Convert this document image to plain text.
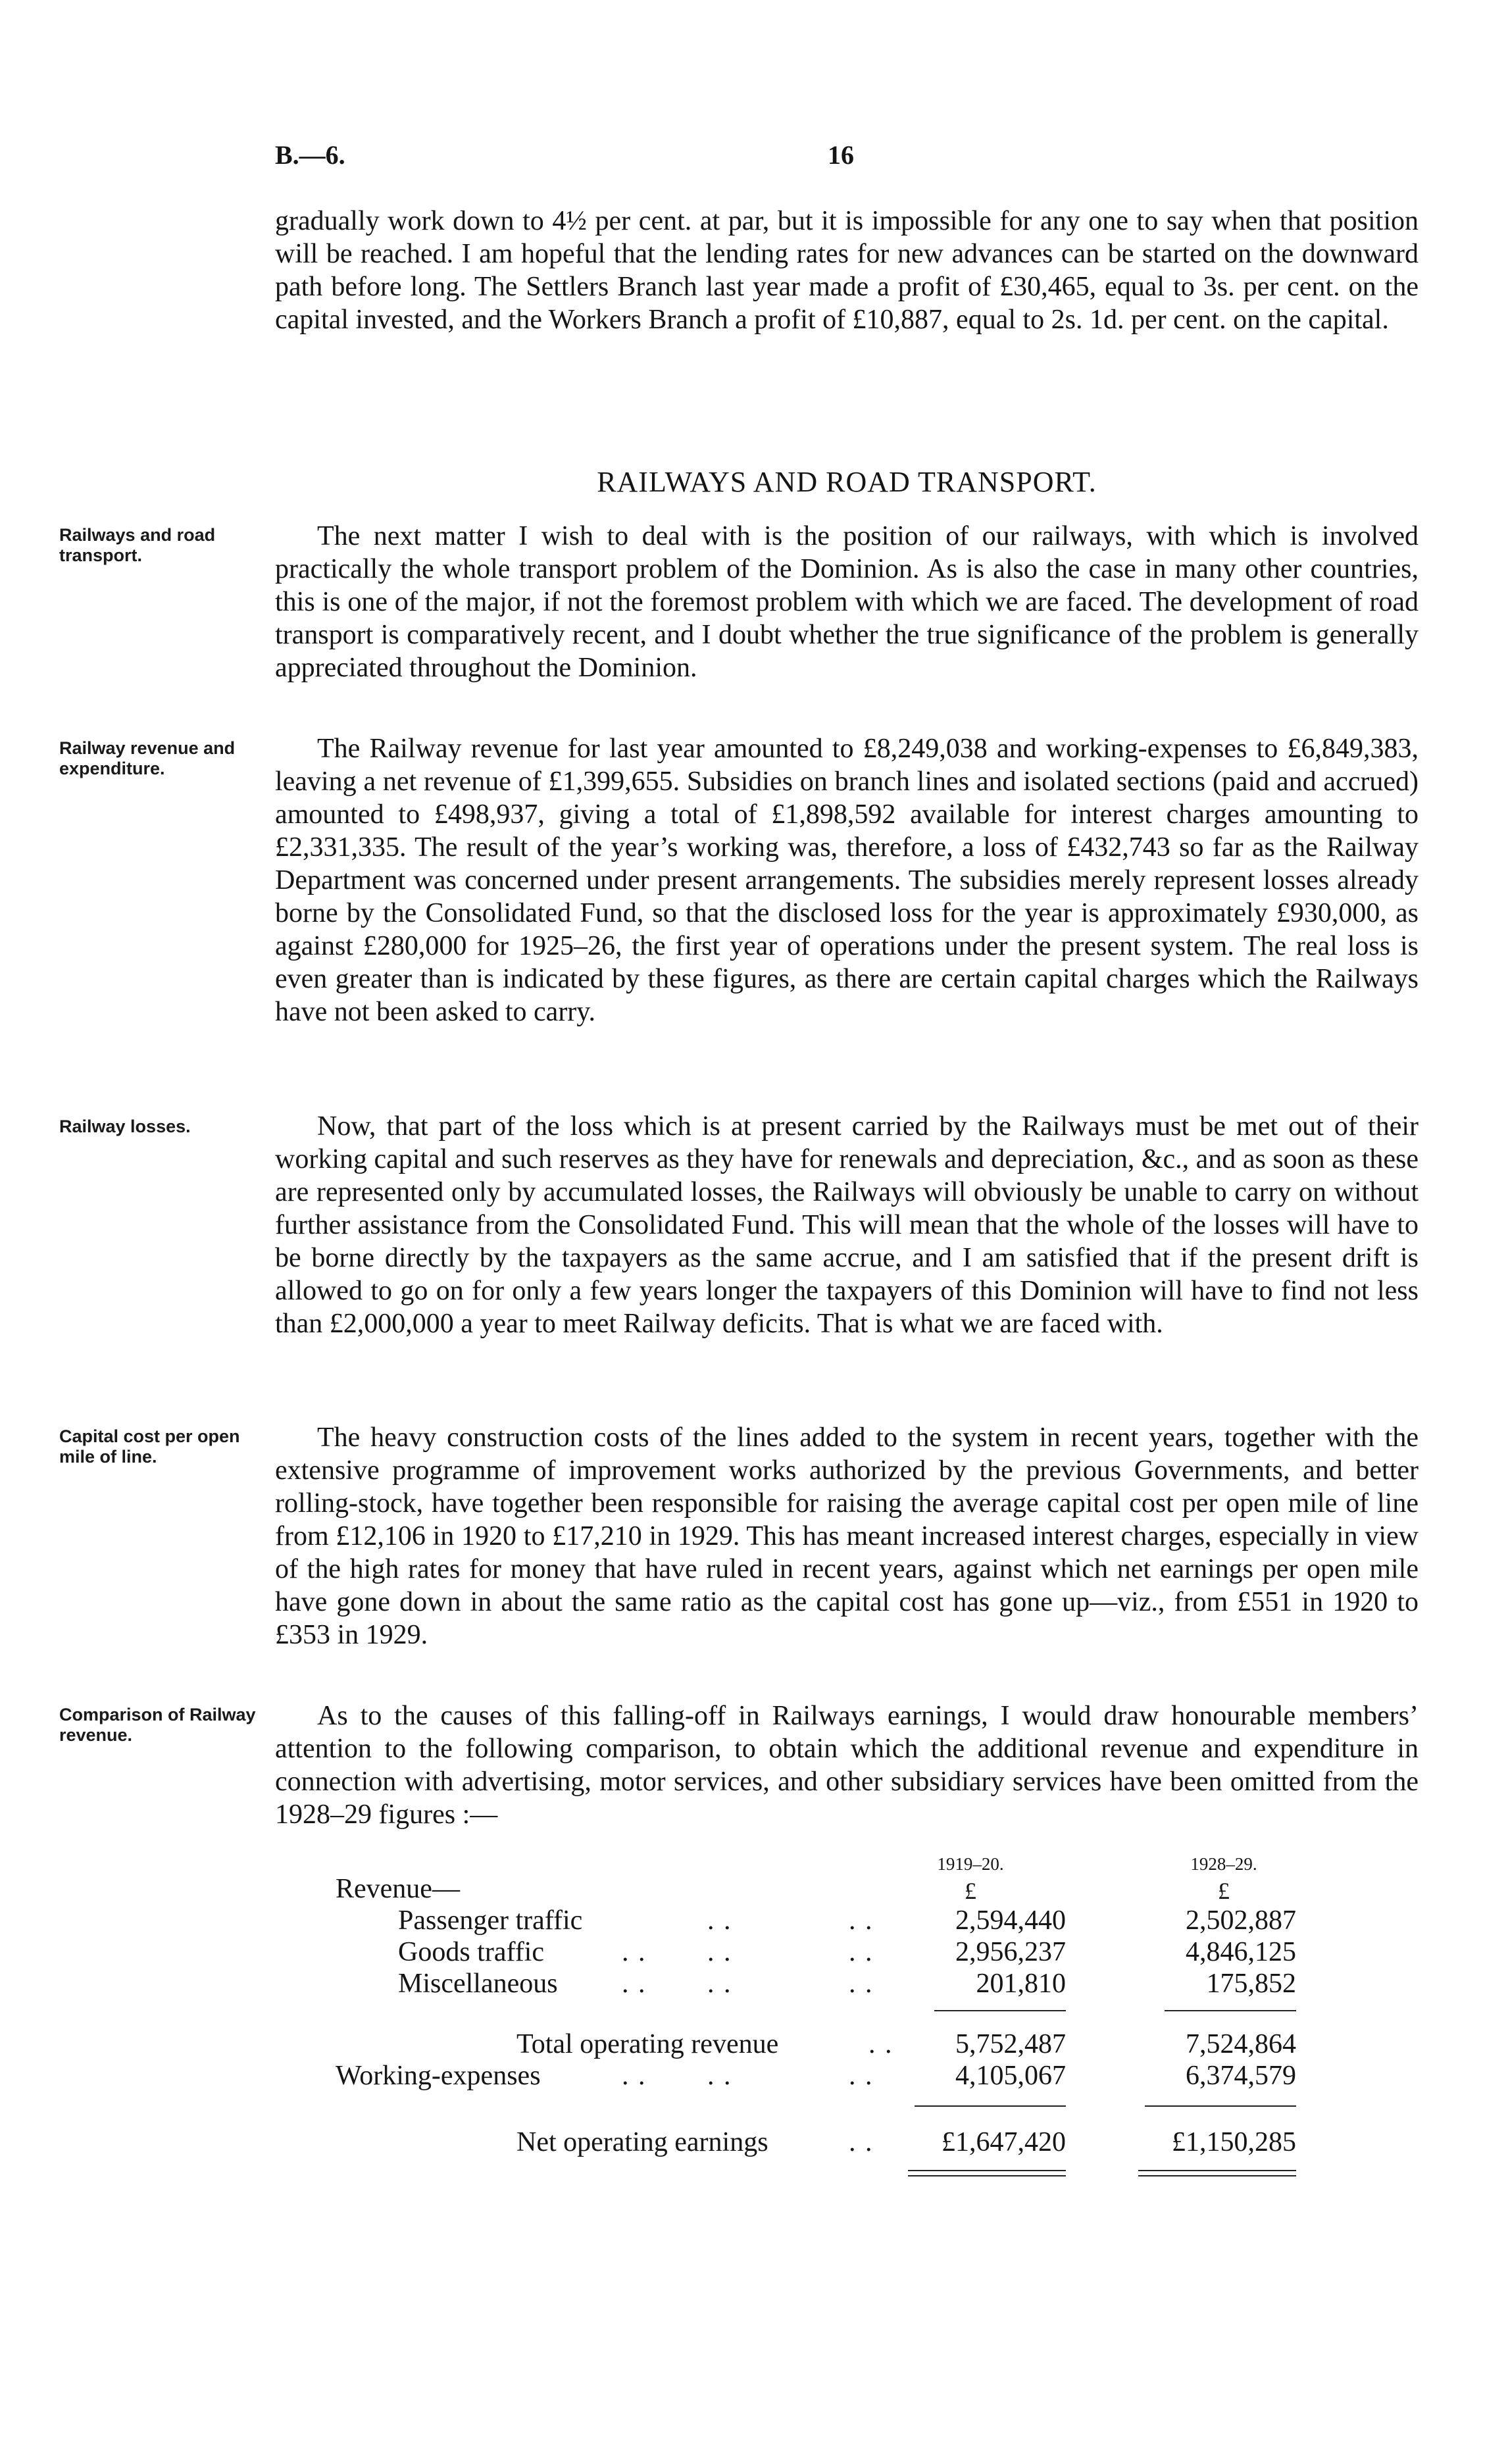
B.—6.	16

gradually work down to 4½ per cent. at par, but it is impossible for any one to say when that position will be reached. I am hopeful that the lending rates for new advances can be started on the downward path before long. The Settlers Branch last year made a profit of £30,465, equal to 3s. per cent. on the capital invested, and the Workers Branch a profit of £10,887, equal to 2s. 1d. per cent. on the capital.

RAILWAYS AND ROAD TRANSPORT.

Railways and road transport.

The next matter I wish to deal with is the position of our railways, with which is involved practically the whole transport problem of the Dominion. As is also the case in many other countries, this is one of the major, if not the foremost problem with which we are faced. The development of road transport is comparatively recent, and I doubt whether the true significance of the problem is generally appreciated throughout the Dominion.

Railway revenue and expenditure.

The Railway revenue for last year amounted to £8,249,038 and working-expenses to £6,849,383, leaving a net revenue of £1,399,655. Subsidies on branch lines and isolated sections (paid and accrued) amounted to £498,937, giving a total of £1,898,592 available for interest charges amounting to £2,331,335. The result of the year’s working was, therefore, a loss of £432,743 so far as the Railway Department was concerned under present arrangements. The subsidies merely represent losses already borne by the Consolidated Fund, so that the disclosed loss for the year is approximately £930,000, as against £280,000 for 1925–26, the first year of operations under the present system. The real loss is even greater than is indicated by these figures, as there are certain capital charges which the Railways have not been asked to carry.

Railway losses.	Now, that part of the loss which is at present carried by the Railways must be met out of their working capital and such reserves as they have for renewals and depreciation, &c., and as soon as these are represented only by accumulated losses, the Railways will obviously be unable to carry on without further assistance from the Consolidated Fund. This will mean that the whole of the losses will have to be borne directly by the taxpayers as the same accrue, and I am satisfied that if the present drift is allowed to go on for only a few years longer the taxpayers of this Dominion will have to find not less than £2,000,000 a year to meet Railway deficits. That is what we are faced with.

Capital cost per open mile of line.

The heavy construction costs of the lines added to the system in recent years, together with the extensive programme of improvement works authorized by the previous Governments, and better rolling-stock, have together been responsible for raising the average capital cost per open mile of line from £12,106 in 1920 to £17,210 in 1929. This has meant increased interest charges, especially in view of the high rates for money that have ruled in recent years, against which net earnings per open mile have gone down in about the same ratio as the capital cost has gone up—viz., from £551 in 1920 to £353 in 1929.

Comparison of Railway revenue.

As to the causes of this falling-off in Railways earnings, I would draw honourable members’ attention to the following comparison, to obtain which the additional revenue and expenditure in connection with advertising, motor services, and other subsidiary services have been omitted from the 1928–29 figures :—

1919–20.	1928–29.
£	£
Revenue—
Passenger traffic	. .	. .	2,594,440	2,502,887
Goods traffic	. . . .	. .	2,956,237	4,846,125
Miscellaneous . . . .	. .	201,810	175,852
Total operating revenue	. .	5,752,487	7,524,864
Working-expenses	. . . .	. .	4,105,067	6,374,579
Net operating earnings	. .	£1,647,420	£1,150,285
